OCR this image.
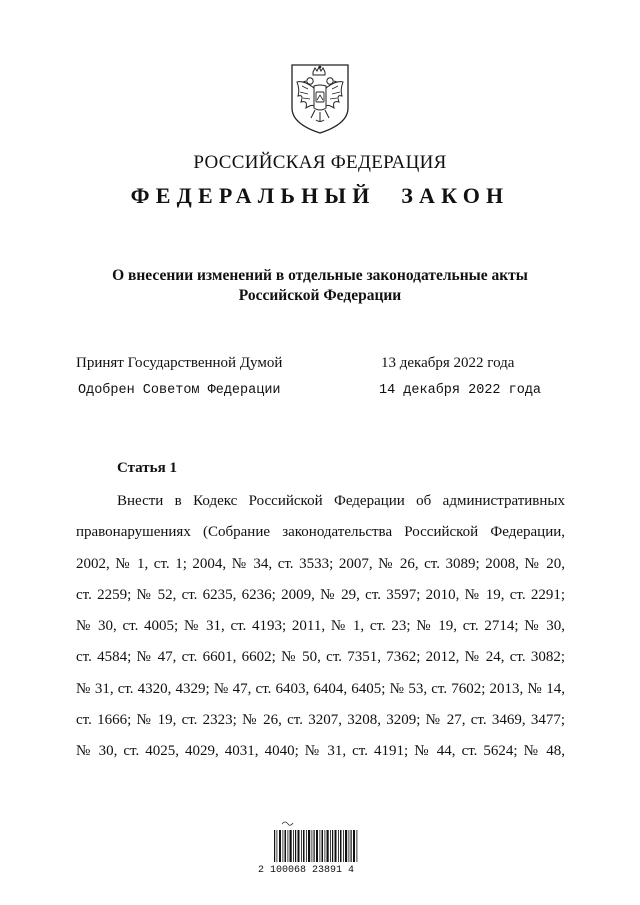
РОССИЙСКАЯ ФЕДЕРАЦИЯ
ФЕДЕРАЛЬНЫЙ ЗАКОН
О внесении изменений в отдельные законодательные акты
Российской Федерации
Принят Государственной Думой	13 декабря 2022 года
Одобрен Советом Федерации	14 декабря 2022 года
Статья 1
Внести в Кодекс Российской Федерации об административных
правонарушениях (Собрание законодательства Российской Федерации,
2002, № 1, ст. 1; 2004, № 34, ст. 3533; 2007, № 26, ст. 3089; 2008, № 20,
ст. 2259; № 52, ст. 6235, 6236; 2009, № 29, ст. 3597; 2010, № 19, ст. 2291;
№ 30, ст. 4005; № 31, ст. 4193; 2011, № 1, ст. 23; № 19, ст. 2714; № 30,
ст. 4584; № 47, ст. 6601, 6602; № 50, ст. 7351, 7362; 2012, № 24, ст. 3082;
№ 31, ст. 4320, 4329; № 47, ст. 6403, 6404, 6405; № 53, ст. 7602; 2013, № 14,
ст. 1666; № 19, ст. 2323; № 26, ст. 3207, 3208, 3209; № 27, ст. 3469, 3477;
№ 30, ст. 4025, 4029, 4031, 4040; № 31, ст. 4191; № 44, ст. 5624; № 48,
2 100068 23891 4
